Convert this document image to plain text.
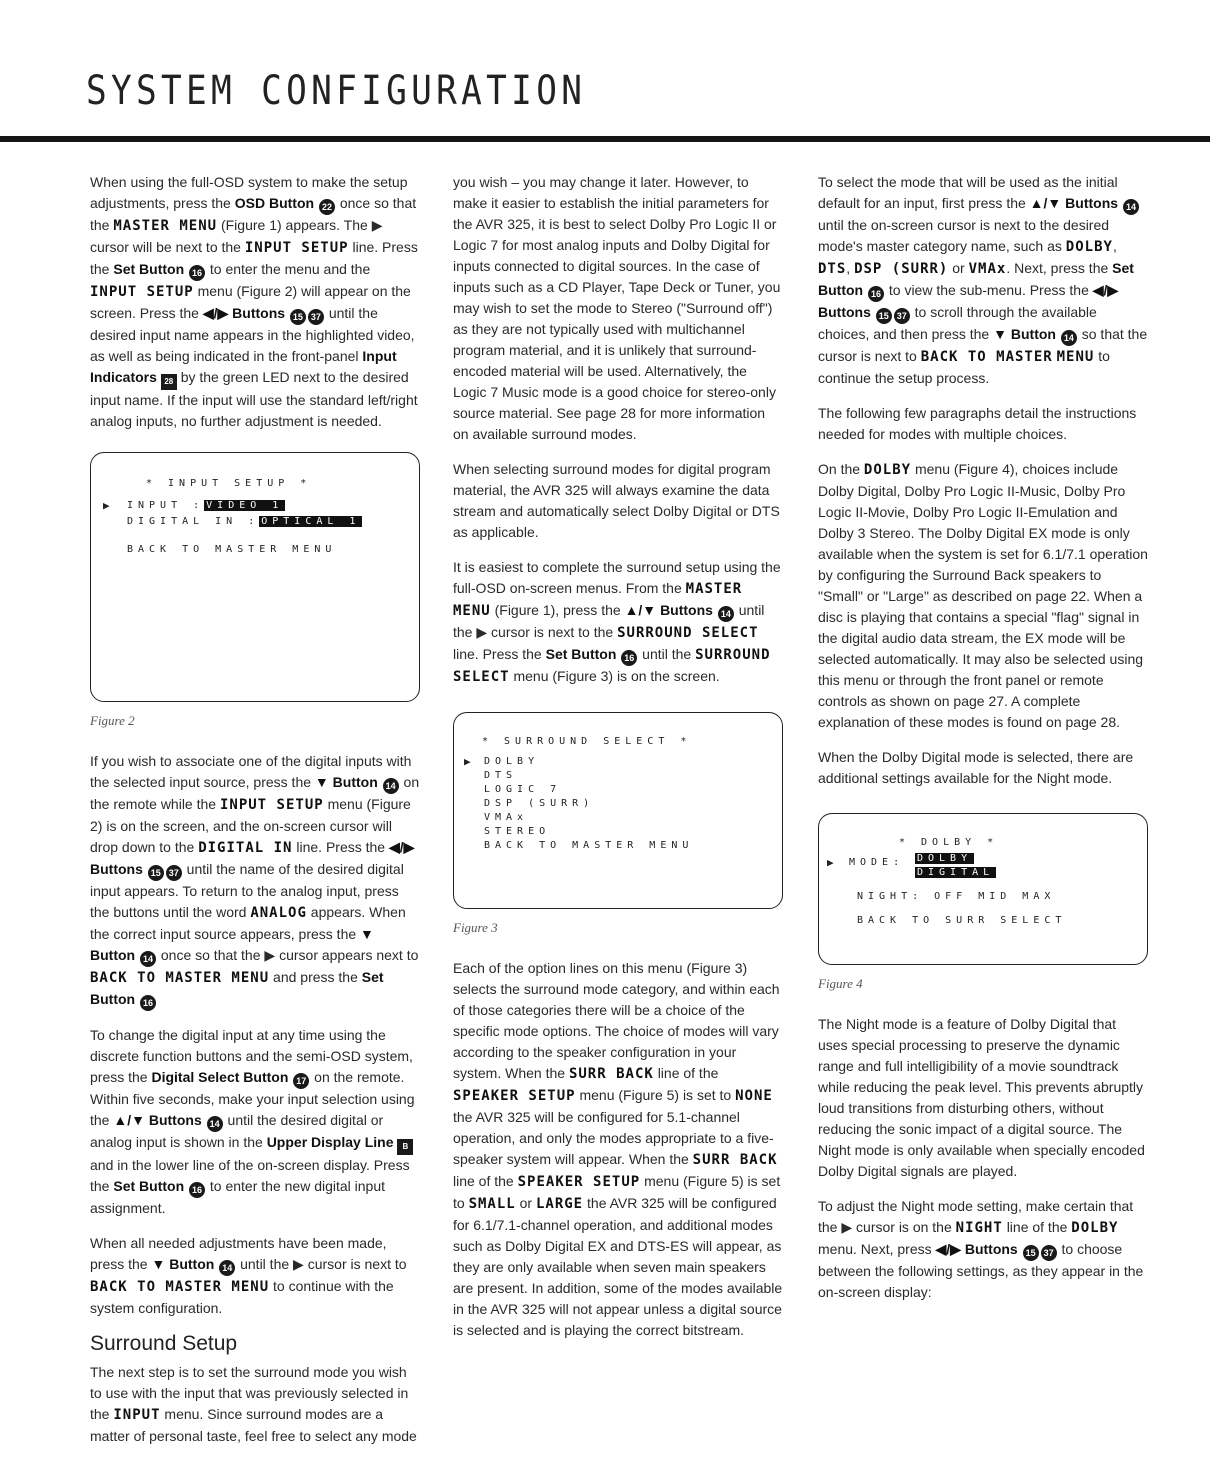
SYSTEM CONFIGURATION

When using the full-OSD system to make the setup adjustments, press the OSD Button 22 once so that the MASTER MENU (Figure 1) appears. The ▶ cursor will be next to the INPUT SETUP line. Press the Set Button 16 to enter the menu and the INPUT SETUP menu (Figure 2) will appear on the screen. Press the ◀/▶ Buttons 15 37 until the desired input name appears in the highlighted video, as well as being indicated in the front-panel Input Indicators 28 by the green LED next to the desired input name. If the input will use the standard left/right analog inputs, no further adjustment is needed.

* INPUT SETUP *
▶ INPUT : VIDEO 1
DIGITAL IN : OPTICAL 1
BACK TO MASTER MENU
Figure 2

If you wish to associate one of the digital inputs with the selected input source, press the ▼ Button 14 on the remote while the INPUT SETUP menu (Figure 2) is on the screen, and the on-screen cursor will drop down to the DIGITAL IN line. Press the ◀/▶ Buttons 15 37 until the name of the desired digital input appears. To return to the analog input, press the buttons until the word ANALOG appears. When the correct input source appears, press the ▼ Button 14 once so that the ▶ cursor appears next to BACK TO MASTER MENU and press the Set Button 16

To change the digital input at any time using the discrete function buttons and the semi-OSD system, press the Digital Select Button 17 on the remote. Within five seconds, make your input selection using the ▲/▼ Buttons 14 until the desired digital or analog input is shown in the Upper Display Line B and in the lower line of the on-screen display. Press the Set Button 16 to enter the new digital input assignment.

When all needed adjustments have been made, press the ▼ Button 14 until the ▶ cursor is next to BACK TO MASTER MENU to continue with the system configuration.

Surround Setup

The next step is to set the surround mode you wish to use with the input that was previously selected in the INPUT menu. Since surround modes are a matter of personal taste, feel free to select any mode

you wish – you may change it later. However, to make it easier to establish the initial parameters for the AVR 325, it is best to select Dolby Pro Logic II or Logic 7 for most analog inputs and Dolby Digital for inputs connected to digital sources. In the case of inputs such as a CD Player, Tape Deck or Tuner, you may wish to set the mode to Stereo ("Surround off") as they are not typically used with multichannel program material, and it is unlikely that surround-encoded material will be used. Alternatively, the Logic 7 Music mode is a good choice for stereo-only source material. See page 28 for more information on available surround modes.

When selecting surround modes for digital program material, the AVR 325 will always examine the data stream and automatically select Dolby Digital or DTS as applicable.

It is easiest to complete the surround setup using the full-OSD on-screen menus. From the MASTER MENU (Figure 1), press the ▲/▼ Buttons 14 until the ▶ cursor is next to the SURROUND SELECT line. Press the Set Button 16 until the SURROUND SELECT menu (Figure 3) is on the screen.

* SURROUND SELECT *
▶ DOLBY
DTS
LOGIC 7
DSP (SURR)
VMAx
STEREO
BACK TO MASTER MENU
Figure 3

Each of the option lines on this menu (Figure 3) selects the surround mode category, and within each of those categories there will be a choice of the specific mode options. The choice of modes will vary according to the speaker configuration in your system. When the SURR BACK line of the SPEAKER SETUP menu (Figure 5) is set to NONE the AVR 325 will be configured for 5.1-channel operation, and only the modes appropriate to a five-speaker system will appear. When the SURR BACK line of the SPEAKER SETUP menu (Figure 5) is set to SMALL or LARGE the AVR 325 will be configured for 6.1/7.1-channel operation, and additional modes such as Dolby Digital EX and DTS-ES will appear, as they are only available when seven main speakers are present. In addition, some of the modes available in the AVR 325 will not appear unless a digital source is selected and is playing the correct bitstream.

To select the mode that will be used as the initial default for an input, first press the ▲/▼ Buttons 14 until the on-screen cursor is next to the desired mode's master category name, such as DOLBY, DTS, DSP (SURR) or VMAx. Next, press the Set Button 16 to view the sub-menu. Press the ◀/▶ Buttons 15 37 to scroll through the available choices, and then press the ▼ Button 14 so that the cursor is next to BACK TO MASTER MENU to continue the setup process.

The following few paragraphs detail the instructions needed for modes with multiple choices.

On the DOLBY menu (Figure 4), choices include Dolby Digital, Dolby Pro Logic II-Music, Dolby Pro Logic II-Movie, Dolby Pro Logic II-Emulation and Dolby 3 Stereo. The Dolby Digital EX mode is only available when the system is set for 6.1/7.1 operation by configuring the Surround Back speakers to "Small" or "Large" as described on page 22. When a disc is playing that contains a special "flag" signal in the digital audio data stream, the EX mode will be selected automatically. It may also be selected using this menu or through the front panel or remote controls as shown on page 27. A complete explanation of these modes is found on page 28.

When the Dolby Digital mode is selected, there are additional settings available for the Night mode.

* DOLBY *
▶ MODE: DOLBY
DIGITAL
NIGHT: OFF MID MAX
BACK TO SURR SELECT
Figure 4

The Night mode is a feature of Dolby Digital that uses special processing to preserve the dynamic range and full intelligibility of a movie soundtrack while reducing the peak level. This prevents abruptly loud transitions from disturbing others, without reducing the sonic impact of a digital source. The Night mode is only available when specially encoded Dolby Digital signals are played.

To adjust the Night mode setting, make certain that the ▶ cursor is on the NIGHT line of the DOLBY menu. Next, press ◀/▶ Buttons 15 37 to choose between the following settings, as they appear in the on-screen display:
